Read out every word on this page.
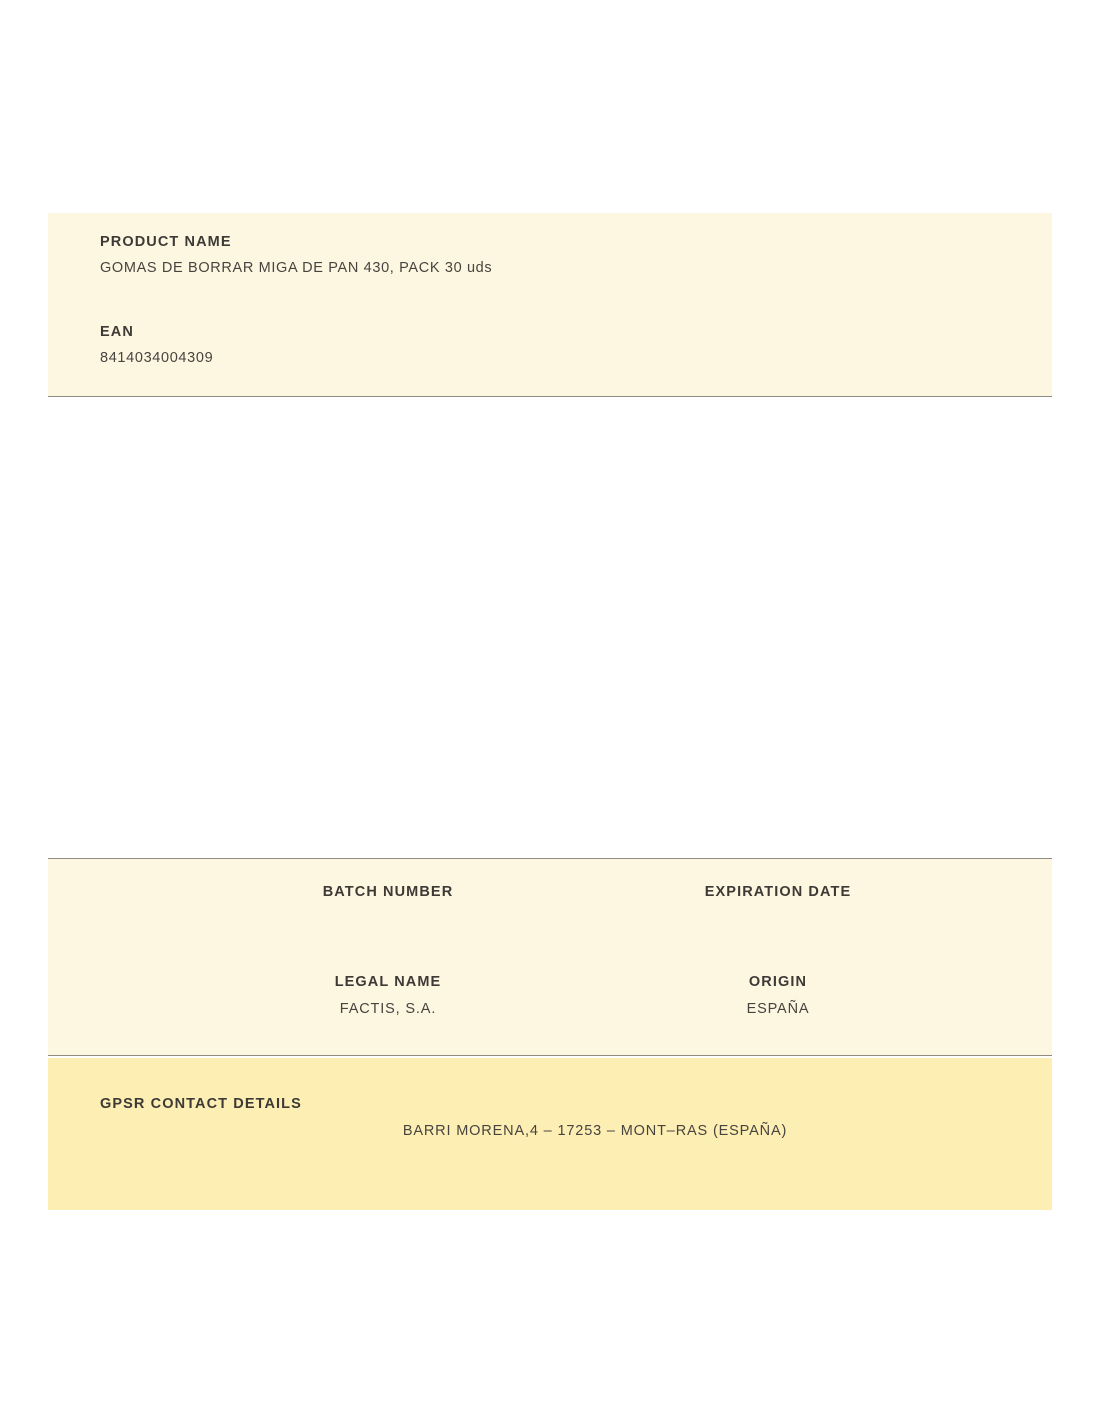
PRODUCT NAME

GOMAS DE BORRAR MIGA DE PAN 430, PACK 30 uds

EAN

8414034004309

BATCH NUMBER	EXPIRATION DATE

LEGAL NAME

FACTIS, S.A.

ORIGIN

ESPAÑA

GPSR CONTACT DETAILS

BARRI MORENA,4 – 17253 – MONT–RAS (ESPAÑA)
